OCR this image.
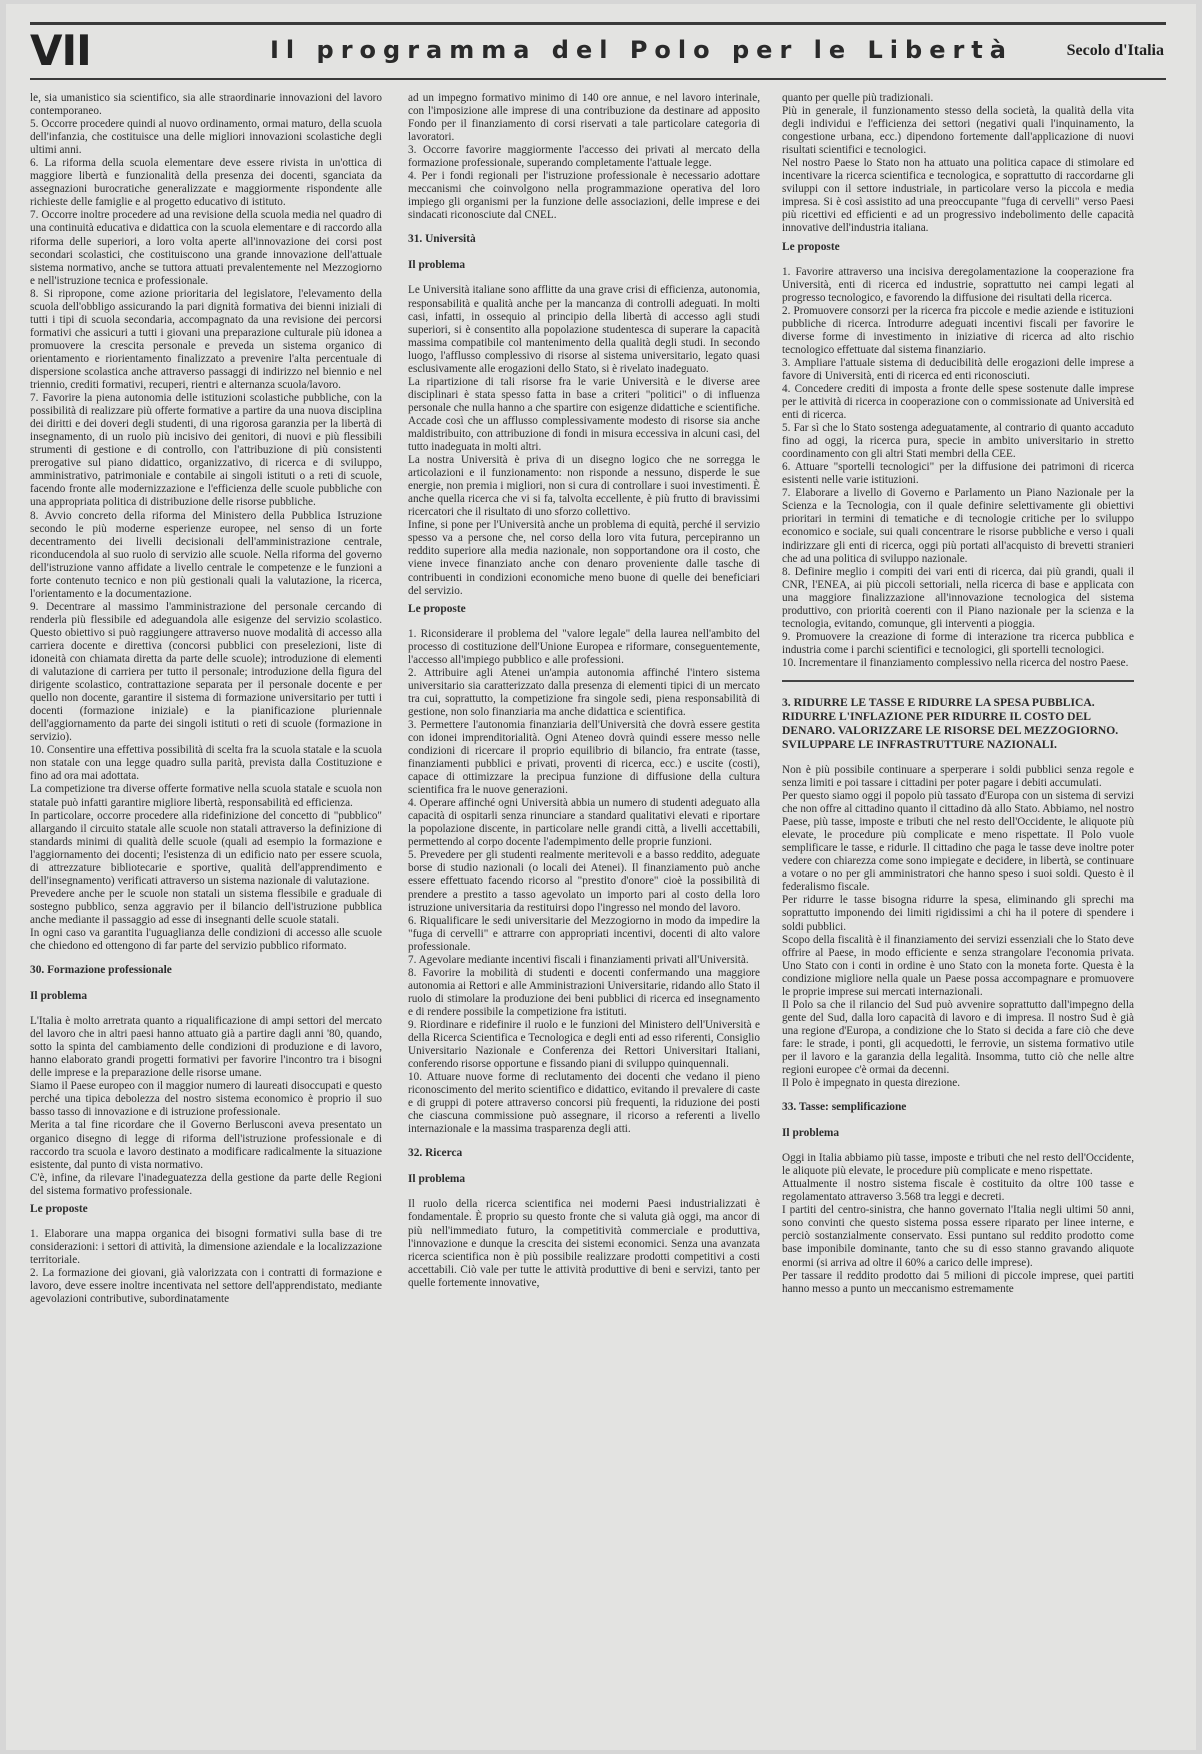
VII	Il programma del Polo per le Libertà	Secolo d'Italia

le, sia umanistico sia scientifico, sia alle straordinarie innovazioni del lavoro contemporaneo.

5. Occorre procedere quindi al nuovo ordinamento, ormai maturo, della scuola dell'infanzia, che costituisce una delle migliori innovazioni scolastiche degli ultimi anni.

6. La riforma della scuola elementare deve essere rivista in un'ottica di maggiore libertà e funzionalità della presenza dei docenti, sganciata da assegnazioni burocratiche generalizzate e maggiormente rispondente alle richieste delle famiglie e al progetto educativo di istituto.

7. Occorre inoltre procedere ad una revisione della scuola media nel quadro di una continuità educativa e didattica con la scuola elementare e di raccordo alla riforma delle superiori, a loro volta aperte all'innovazione dei corsi post secondari scolastici, che costituiscono una grande innovazione dell'attuale sistema normativo, anche se tuttora attuati prevalentemente nel Mezzogiorno e nell'istruzione tecnica e professionale.

8. Si ripropone, come azione prioritaria del legislatore, l'elevamento della scuola dell'obbligo assicurando la pari dignità formativa dei bienni iniziali di tutti i tipi di scuola secondaria, accompagnato da una revisione dei percorsi formativi che assicuri a tutti i giovani una preparazione culturale più idonea a promuovere la crescita personale e preveda un sistema organico di orientamento e riorientamento finalizzato a prevenire l'alta percentuale di dispersione scolastica anche attraverso passaggi di indirizzo nel biennio e nel triennio, crediti formativi, recuperi, rientri e alternanza scuola/lavoro.

7. Favorire la piena autonomia delle istituzioni scolastiche pubbliche, con la possibilità di realizzare più offerte formative a partire da una nuova disciplina dei diritti e dei doveri degli studenti, di una rigorosa garanzia per la libertà di insegnamento, di un ruolo più incisivo dei genitori, di nuovi e più flessibili strumenti di gestione e di controllo, con l'attribuzione di più consistenti prerogative sul piano didattico, organizzativo, di ricerca e di sviluppo, amministrativo, patrimoniale e contabile ai singoli istituti o a reti di scuole, facendo fronte alle modernizzazione e l'efficienza delle scuole pubbliche con una appropriata politica di distribuzione delle risorse pubbliche.

8. Avvio concreto della riforma del Ministero della Pubblica Istruzione secondo le più moderne esperienze europee, nel senso di un forte decentramento dei livelli decisionali dell'amministrazione centrale, riconducendola al suo ruolo di servizio alle scuole. Nella riforma del governo dell'istruzione vanno affidate a livello centrale le competenze e le funzioni a forte contenuto tecnico e non più gestionali quali la valutazione, la ricerca, l'orientamento e la documentazione.

9. Decentrare al massimo l'amministrazione del personale cercando di renderla più flessibile ed adeguandola alle esigenze del servizio scolastico. Questo obiettivo si può raggiungere attraverso nuove modalità di accesso alla carriera docente e direttiva (concorsi pubblici con preselezioni, liste di idoneità con chiamata diretta da parte delle scuole); introduzione di elementi di valutazione di carriera per tutto il personale; introduzione della figura del dirigente scolastico, contrattazione separata per il personale docente e per quello non docente, garantire il sistema di formazione universitario per tutti i docenti (formazione iniziale) e la pianificazione pluriennale dell'aggiornamento da parte dei singoli istituti o reti di scuole (formazione in servizio).

10. Consentire una effettiva possibilità di scelta fra la scuola statale e la scuola non statale con una legge quadro sulla parità, prevista dalla Costituzione e fino ad ora mai adottata.

La competizione tra diverse offerte formative nella scuola statale e scuola non statale può infatti garantire migliore libertà, responsabilità ed efficienza.

In particolare, occorre procedere alla ridefinizione del concetto di "pubblico" allargando il circuito statale alle scuole non statali attraverso la definizione di standards minimi di qualità delle scuole (quali ad esempio la formazione e l'aggiornamento dei docenti; l'esistenza di un edificio nato per essere scuola, di attrezzature bibliotecarie e sportive, qualità dell'apprendimento e dell'insegnamento) verificati attraverso un sistema nazionale di valutazione.

Prevedere anche per le scuole non statali un sistema flessibile e graduale di sostegno pubblico, senza aggravio per il bilancio dell'istruzione pubblica anche mediante il passaggio ad esse di insegnanti delle scuole statali.

In ogni caso va garantita l'uguaglianza delle condizioni di accesso alle scuole che chiedono ed ottengono di far parte del servizio pubblico riformato.

30. Formazione professionale
Il problema

L'Italia è molto arretrata quanto a riqualificazione di ampi settori del mercato del lavoro che in altri paesi hanno attuato già a partire dagli anni '80, quando, sotto la spinta del cambiamento delle condizioni di produzione e di lavoro, hanno elaborato grandi progetti formativi per favorire l'incontro tra i bisogni delle imprese e la preparazione delle risorse umane.

Siamo il Paese europeo con il maggior numero di laureati disoccupati e questo perché una tipica debolezza del nostro sistema economico è proprio il suo basso tasso di innovazione e di istruzione professionale.

Merita a tal fine ricordare che il Governo Berlusconi aveva presentato un organico disegno di legge di riforma dell'istruzione professionale e di raccordo tra scuola e lavoro destinato a modificare radicalmente la situazione esistente, dal punto di vista normativo.

C'è, infine, da rilevare l'inadeguatezza della gestione da parte delle Regioni del sistema formativo professionale.

Le proposte

1. Elaborare una mappa organica dei bisogni formativi sulla base di tre considerazioni: i settori di attività, la dimensione aziendale e la localizzazione territoriale.

2. La formazione dei giovani, già valorizzata con i contratti di formazione e lavoro, deve essere inoltre incentivata nel settore dell'apprendistato, mediante agevolazioni contributive, subordinatamente

ad un impegno formativo minimo di 140 ore annue, e nel lavoro interinale, con l'imposizione alle imprese di una contribuzione da destinare ad apposito Fondo per il finanziamento di corsi riservati a tale particolare categoria di lavoratori.

3. Occorre favorire maggiormente l'accesso dei privati al mercato della formazione professionale, superando completamente l'attuale legge.

4. Per i fondi regionali per l'istruzione professionale è necessario adottare meccanismi che coinvolgono nella programmazione operativa del loro impiego gli organismi per la funzione delle associazioni, delle imprese e dei sindacati riconosciute dal CNEL.

31. Università
Il problema

Le Università italiane sono afflitte da una grave crisi di efficienza, autonomia, responsabilità e qualità anche per la mancanza di controlli adeguati. In molti casi, infatti, in ossequio al principio della libertà di accesso agli studi superiori, si è consentito alla popolazione studentesca di superare la capacità massima compatibile col mantenimento della qualità degli studi. In secondo luogo, l'afflusso complessivo di risorse al sistema universitario, legato quasi esclusivamente alle erogazioni dello Stato, si è rivelato inadeguato.

La ripartizione di tali risorse fra le varie Università e le diverse aree disciplinari è stata spesso fatta in base a criteri "politici" o di influenza personale che nulla hanno a che spartire con esigenze didattiche e scientifiche. Accade così che un afflusso complessivamente modesto di risorse sia anche maldistribuito, con attribuzione di fondi in misura eccessiva in alcuni casi, del tutto inadeguata in molti altri.

La nostra Università è priva di un disegno logico che ne sorregga le articolazioni e il funzionamento: non risponde a nessuno, disperde le sue energie, non premia i migliori, non si cura di controllare i suoi investimenti. È anche quella ricerca che vi si fa, talvolta eccellente, è più frutto di bravissimi ricercatori che il risultato di uno sforzo collettivo.

Infine, si pone per l'Università anche un problema di equità, perché il servizio spesso va a persone che, nel corso della loro vita futura, percepiranno un reddito superiore alla media nazionale, non sopportandone ora il costo, che viene invece finanziato anche con denaro proveniente dalle tasche di contribuenti in condizioni economiche meno buone di quelle dei beneficiari del servizio.

Le proposte

1. Riconsiderare il problema del "valore legale" della laurea nell'ambito del processo di costituzione dell'Unione Europea e riformare, conseguentemente, l'accesso all'impiego pubblico e alle professioni.

2. Attribuire agli Atenei un'ampia autonomia affinché l'intero sistema universitario sia caratterizzato dalla presenza di elementi tipici di un mercato tra cui, soprattutto, la competizione fra singole sedi, piena responsabilità di gestione, non solo finanziaria ma anche didattica e scientifica.

3. Permettere l'autonomia finanziaria dell'Università che dovrà essere gestita con idonei imprenditorialità. Ogni Ateneo dovrà quindi essere messo nelle condizioni di ricercare il proprio equilibrio di bilancio, fra entrate (tasse, finanziamenti pubblici e privati, proventi di ricerca, ecc.) e uscite (costi), capace di ottimizzare la precipua funzione di diffusione della cultura scientifica fra le nuove generazioni.

4. Operare affinché ogni Università abbia un numero di studenti adeguato alla capacità di ospitarli senza rinunciare a standard qualitativi elevati e riportare la popolazione discente, in particolare nelle grandi città, a livelli accettabili, permettendo al corpo docente l'adempimento delle proprie funzioni.

5. Prevedere per gli studenti realmente meritevoli e a basso reddito, adeguate borse di studio nazionali (o locali dei Atenei). Il finanziamento può anche essere effettuato facendo ricorso al "prestito d'onore" cioè la possibilità di prendere a prestito a tasso agevolato un importo pari al costo della loro istruzione universitaria da restituirsi dopo l'ingresso nel mondo del lavoro.

6. Riqualificare le sedi universitarie del Mezzogiorno in modo da impedire la "fuga di cervelli" e attrarre con appropriati incentivi, docenti di alto valore professionale.

7. Agevolare mediante incentivi fiscali i finanziamenti privati all'Università.

8. Favorire la mobilità di studenti e docenti confermando una maggiore autonomia ai Rettori e alle Amministrazioni Universitarie, ridando allo Stato il ruolo di stimolare la produzione dei beni pubblici di ricerca ed insegnamento e di rendere possibile la competizione fra istituti.

9. Riordinare e ridefinire il ruolo e le funzioni del Ministero dell'Università e della Ricerca Scientifica e Tecnologica e degli enti ad esso riferenti, Consiglio Universitario Nazionale e Conferenza dei Rettori Universitari Italiani, conferendo risorse opportune e fissando piani di sviluppo quinquennali.

10. Attuare nuove forme di reclutamento dei docenti che vedano il pieno riconoscimento del merito scientifico e didattico, evitando il prevalere di caste e di gruppi di potere attraverso concorsi più frequenti, la riduzione dei posti che ciascuna commissione può assegnare, il ricorso a referenti a livello internazionale e la massima trasparenza degli atti.

32. Ricerca
Il problema

Il ruolo della ricerca scientifica nei moderni Paesi industrializzati è fondamentale. È proprio su questo fronte che si valuta già oggi, ma ancor di più nell'immediato futuro, la competitività commerciale e produttiva, l'innovazione e dunque la crescita dei sistemi economici. Senza una avanzata ricerca scientifica non è più possibile realizzare prodotti competitivi a costi accettabili. Ciò vale per tutte le attività produttive di beni e servizi, tanto per quelle fortemente innovative,

quanto per quelle più tradizionali.

Più in generale, il funzionamento stesso della società, la qualità della vita degli individui e l'efficienza dei settori (negativi quali l'inquinamento, la congestione urbana, ecc.) dipendono fortemente dall'applicazione di nuovi risultati scientifici e tecnologici.

Nel nostro Paese lo Stato non ha attuato una politica capace di stimolare ed incentivare la ricerca scientifica e tecnologica, e soprattutto di raccordarne gli sviluppi con il settore industriale, in particolare verso la piccola e media impresa. Si è così assistito ad una preoccupante "fuga di cervelli" verso Paesi più ricettivi ed efficienti e ad un progressivo indebolimento delle capacità innovative dell'industria italiana.

Le proposte

1. Favorire attraverso una incisiva deregolamentazione la cooperazione fra Università, enti di ricerca ed industrie, soprattutto nei campi legati al progresso tecnologico, e favorendo la diffusione dei risultati della ricerca.

2. Promuovere consorzi per la ricerca fra piccole e medie aziende e istituzioni pubbliche di ricerca. Introdurre adeguati incentivi fiscali per favorire le diverse forme di investimento in iniziative di ricerca ad alto rischio tecnologico effettuate dal sistema finanziario.

3. Ampliare l'attuale sistema di deducibilità delle erogazioni delle imprese a favore di Università, enti di ricerca ed enti riconosciuti.

4. Concedere crediti di imposta a fronte delle spese sostenute dalle imprese per le attività di ricerca in cooperazione con o commissionate ad Università ed enti di ricerca.

5. Far sì che lo Stato sostenga adeguatamente, al contrario di quanto accaduto fino ad oggi, la ricerca pura, specie in ambito universitario in stretto coordinamento con gli altri Stati membri della CEE.

6. Attuare "sportelli tecnologici" per la diffusione dei patrimoni di ricerca esistenti nelle varie istituzioni.

7. Elaborare a livello di Governo e Parlamento un Piano Nazionale per la Scienza e la Tecnologia, con il quale definire selettivamente gli obiettivi prioritari in termini di tematiche e di tecnologie critiche per lo sviluppo economico e sociale, sui quali concentrare le risorse pubbliche e verso i quali indirizzare gli enti di ricerca, oggi più portati all'acquisto di brevetti stranieri che ad una politica di sviluppo nazionale.

8. Definire meglio i compiti dei vari enti di ricerca, dai più grandi, quali il CNR, l'ENEA, ai più piccoli settoriali, nella ricerca di base e applicata con una maggiore finalizzazione all'innovazione tecnologica del sistema produttivo, con priorità coerenti con il Piano nazionale per la scienza e la tecnologia, evitando, comunque, gli interventi a pioggia.

9. Promuovere la creazione di forme di interazione tra ricerca pubblica e industria come i parchi scientifici e tecnologici, gli sportelli tecnologici.

10. Incrementare il finanziamento complessivo nella ricerca del nostro Paese.

3. RIDURRE LE TASSE E RIDURRE LA SPESA PUBBLICA. RIDURRE L'INFLAZIONE PER RIDURRE IL COSTO DEL DENARO. VALORIZZARE LE RISORSE DEL MEZZOGIORNO. SVILUPPARE LE INFRASTRUTTURE NAZIONALI.

Non è più possibile continuare a sperperare i soldi pubblici senza regole e senza limiti e poi tassare i cittadini per poter pagare i debiti accumulati.

Per questo siamo oggi il popolo più tassato d'Europa con un sistema di servizi che non offre al cittadino quanto il cittadino dà allo Stato. Abbiamo, nel nostro Paese, più tasse, imposte e tributi che nel resto dell'Occidente, le aliquote più elevate, le procedure più complicate e meno rispettate. Il Polo vuole semplificare le tasse, e ridurle. Il cittadino che paga le tasse deve inoltre poter vedere con chiarezza come sono impiegate e decidere, in libertà, se continuare a votare o no per gli amministratori che hanno speso i suoi soldi. Questo è il federalismo fiscale.

Per ridurre le tasse bisogna ridurre la spesa, eliminando gli sprechi ma soprattutto imponendo dei limiti rigidissimi a chi ha il potere di spendere i soldi pubblici.

Scopo della fiscalità è il finanziamento dei servizi essenziali che lo Stato deve offrire al Paese, in modo efficiente e senza strangolare l'economia privata. Uno Stato con i conti in ordine è uno Stato con la moneta forte. Questa è la condizione migliore nella quale un Paese possa accompagnare e promuovere le proprie imprese sui mercati internazionali.

Il Polo sa che il rilancio del Sud può avvenire soprattutto dall'impegno della gente del Sud, dalla loro capacità di lavoro e di impresa. Il nostro Sud è già una regione d'Europa, a condizione che lo Stato si decida a fare ciò che deve fare: le strade, i ponti, gli acquedotti, le ferrovie, un sistema formativo utile per il lavoro e la garanzia della legalità. Insomma, tutto ciò che nelle altre regioni europee c'è ormai da decenni.

Il Polo è impegnato in questa direzione.

33. Tasse: semplificazione
Il problema

Oggi in Italia abbiamo più tasse, imposte e tributi che nel resto dell'Occidente, le aliquote più elevate, le procedure più complicate e meno rispettate.

Attualmente il nostro sistema fiscale è costituito da oltre 100 tasse e regolamentato attraverso 3.568 tra leggi e decreti.

I partiti del centro-sinistra, che hanno governato l'Italia negli ultimi 50 anni, sono convinti che questo sistema possa essere riparato per linee interne, e perciò sostanzialmente conservato. Essi puntano sul reddito prodotto come base imponibile dominante, tanto che su di esso stanno gravando aliquote enormi (si arriva ad oltre il 60% a carico delle imprese).

Per tassare il reddito prodotto dai 5 milioni di piccole imprese, quei partiti hanno messo a punto un meccanismo estremamente
